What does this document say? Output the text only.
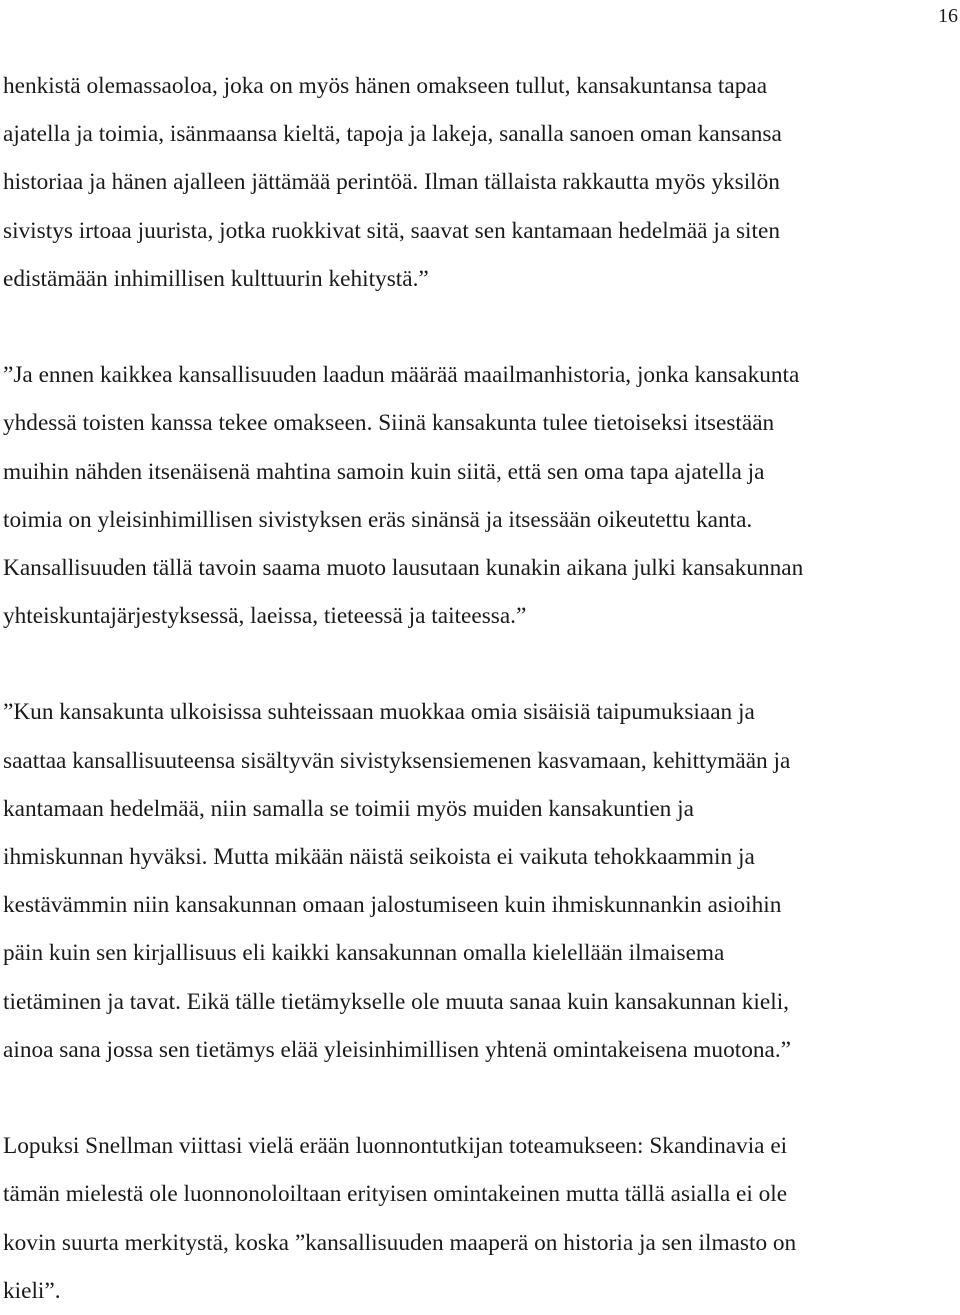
16

henkistä olemassaoloa, joka on myös hänen omakseen tullut, kansakuntansa tapaa
ajatella ja toimia, isänmaansa kieltä, tapoja ja lakeja, sanalla sanoen oman kansansa
historiaa ja hänen ajalleen jättämää perintöä. Ilman tällaista rakkautta myös yksilön
sivistys irtoaa juurista, jotka ruokkivat sitä, saavat sen kantamaan hedelmää ja siten
edistämään inhimillisen kulttuurin kehitystä.”

”Ja ennen kaikkea kansallisuuden laadun määrää maailmanhistoria, jonka kansakunta
yhdessä toisten kanssa tekee omakseen. Siinä kansakunta tulee tietoiseksi itsestään
muihin nähden itsenäisenä mahtina samoin kuin siitä, että sen oma tapa ajatella ja
toimia on yleisinhimillisen sivistyksen eräs sinänsä ja itsessään oikeutettu kanta.
Kansallisuuden tällä tavoin saama muoto lausutaan kunakin aikana julki kansakunnan
yhteiskuntajärjestyksessä, laeissa, tieteessä ja taiteessa.”

”Kun kansakunta ulkoisissa suhteissaan muokkaa omia sisäisiä taipumuksiaan ja
saattaa kansallisuuteensa sisältyvän sivistyksensiemenen kasvamaan, kehittymään ja
kantamaan hedelmää, niin samalla se toimii myös muiden kansakuntien ja
ihmiskunnan hyväksi. Mutta mikään näistä seikoista ei vaikuta tehokkaammin ja
kestävämmin niin kansakunnan omaan jalostumiseen kuin ihmiskunnankin asioihin
päin kuin sen kirjallisuus eli kaikki kansakunnan omalla kielellään ilmaisema
tietäminen ja tavat. Eikä tälle tietämykselle ole muuta sanaa kuin kansakunnan kieli,
ainoa sana jossa sen tietämys elää yleisinhimillisen yhtenä omintakeisena muotona.”

Lopuksi Snellman viittasi vielä erään luonnontutkijan toteamukseen: Skandinavia ei
tämän mielestä ole luonnonoloiltaan erityisen omintakeinen mutta tällä asialla ei ole
kovin suurta merkitystä, koska ”kansallisuuden maaperä on historia ja sen ilmasto on
kieli”.
